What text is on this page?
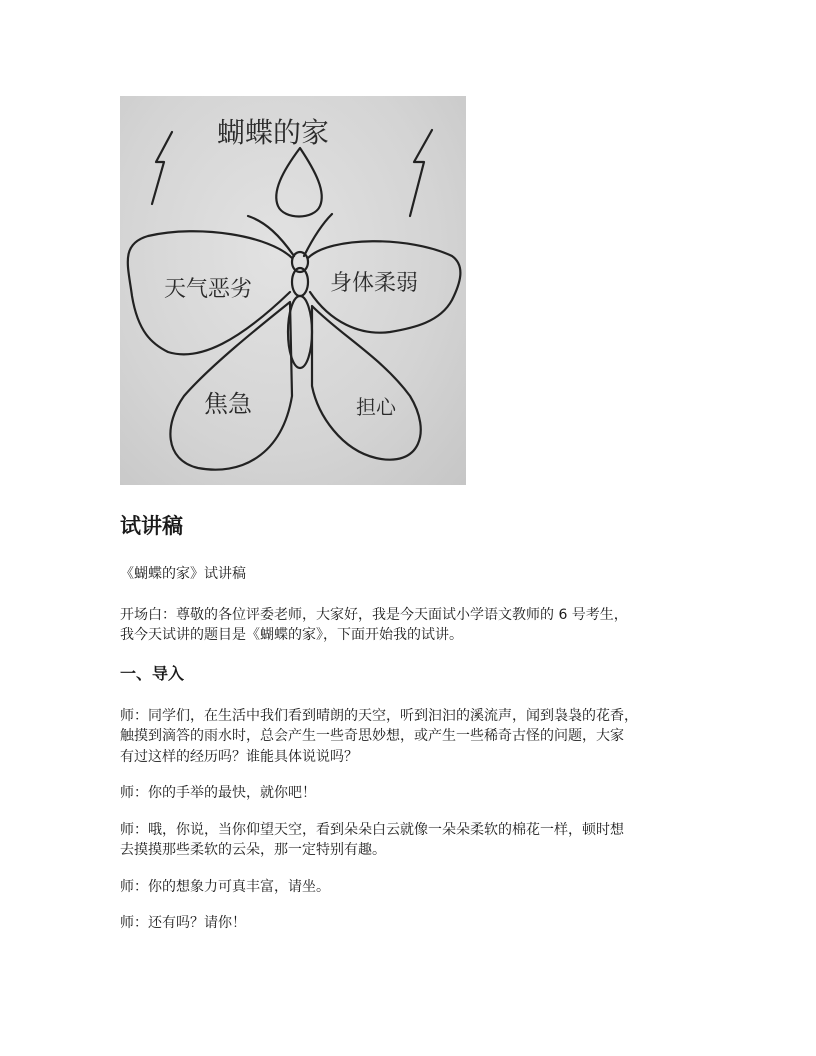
蝴蝶的家
天气恶劣	身体柔弱
焦急	担心
试讲稿

《蝴蝶的家》试讲稿

开场白：尊敬的各位评委老师，大家好，我是今天面试小学语文教师的 6 号考生，

我今天试讲的题目是《蝴蝶的家》，下面开始我的试讲。

一、导入

师：同学们，在生活中我们看到晴朗的天空，听到汩汩的溪流声，闻到袅袅的花香，

触摸到滴答的雨水时，总会产生一些奇思妙想，或产生一些稀奇古怪的问题，大家

有过这样的经历吗？谁能具体说说吗？

师：你的手举的最快，就你吧！

师：哦，你说，当你仰望天空，看到朵朵白云就像一朵朵柔软的棉花一样，顿时想

去摸摸那些柔软的云朵，那一定特别有趣。

师：你的想象力可真丰富，请坐。

师：还有吗？请你！
